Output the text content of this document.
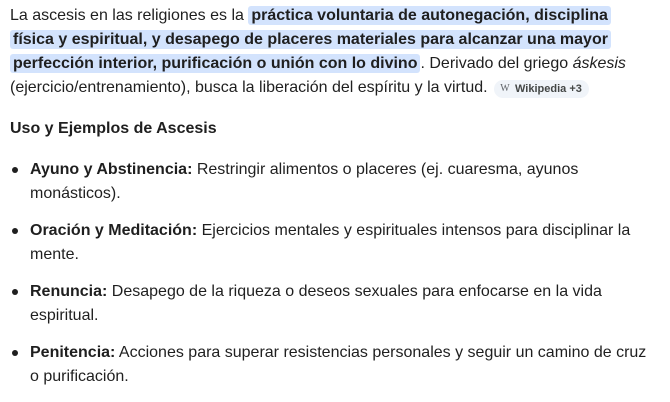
La ascesis en las religiones es la práctica voluntaria de autonegación, disciplina física y espiritual, y desapego de placeres materiales para alcanzar una mayor perfección interior, purificación o unión con lo divino . Derivado del griego áskesis (ejercicio/entrenamiento), busca la liberación del espíritu y la virtud. W Wikipedia +3

Uso y Ejemplos de Ascesis
Ayuno y Abstinencia: Restringir alimentos o placeres (ej. cuaresma, ayunos monásticos).
Oración y Meditación: Ejercicios mentales y espirituales intensos para disciplinar la mente.
Renuncia: Desapego de la riqueza o deseos sexuales para enfocarse en la vida espiritual.
Penitencia: Acciones para superar resistencias personales y seguir un camino de cruz o purificación.
